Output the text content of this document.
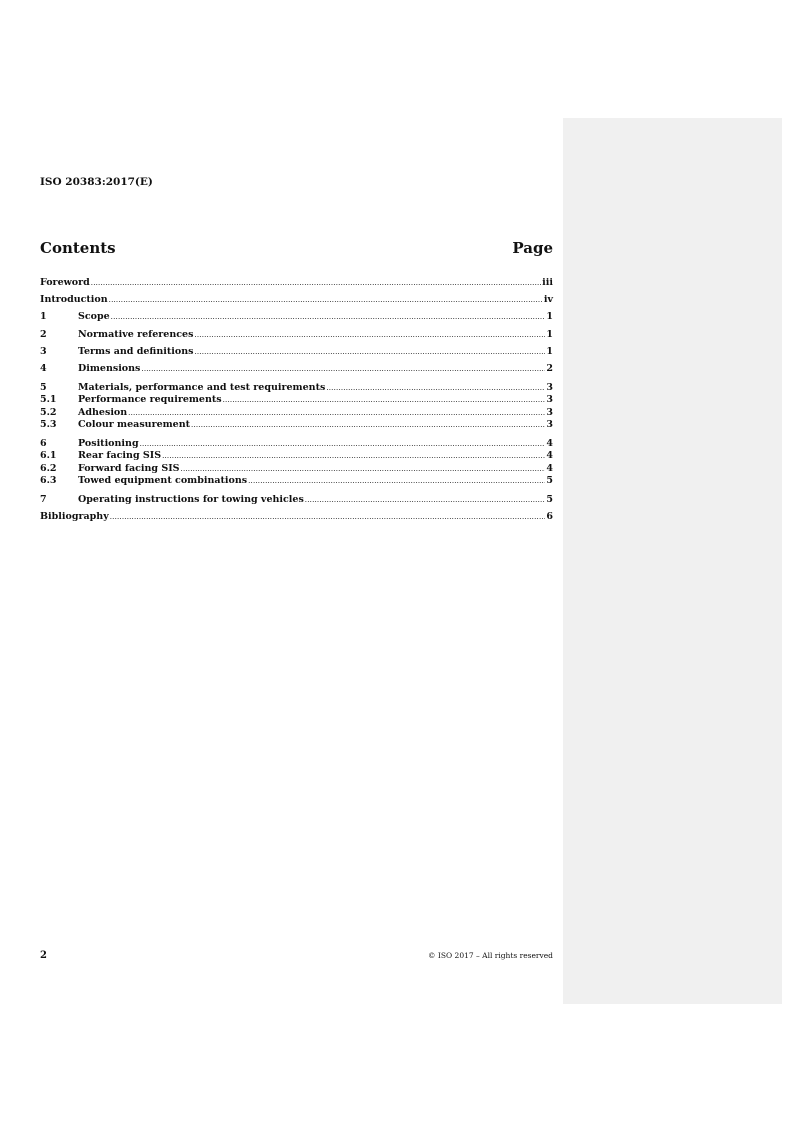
ISO 20383:2017(E)
Contents	Page
Foreword .....	iii
Introduction .....	iv
1	Scope .....	1
2	Normative references .....	1
3	Terms and definitions .....	1
4	Dimensions .....	2
5	Materials, performance and test requirements .....	3
5.1	Performance requirements .....	3
5.2	Adhesion .....	3
5.3	Colour measurement .....	3
6	Positioning .....	4
6.1	Rear facing SIS .....	4
6.2	Forward facing SIS .....	4
6.3	Towed equipment combinations .....	5
7	Operating instructions for towing vehicles .....	5
Bibliography .....	6
2	© ISO 2017 – All rights reserved
